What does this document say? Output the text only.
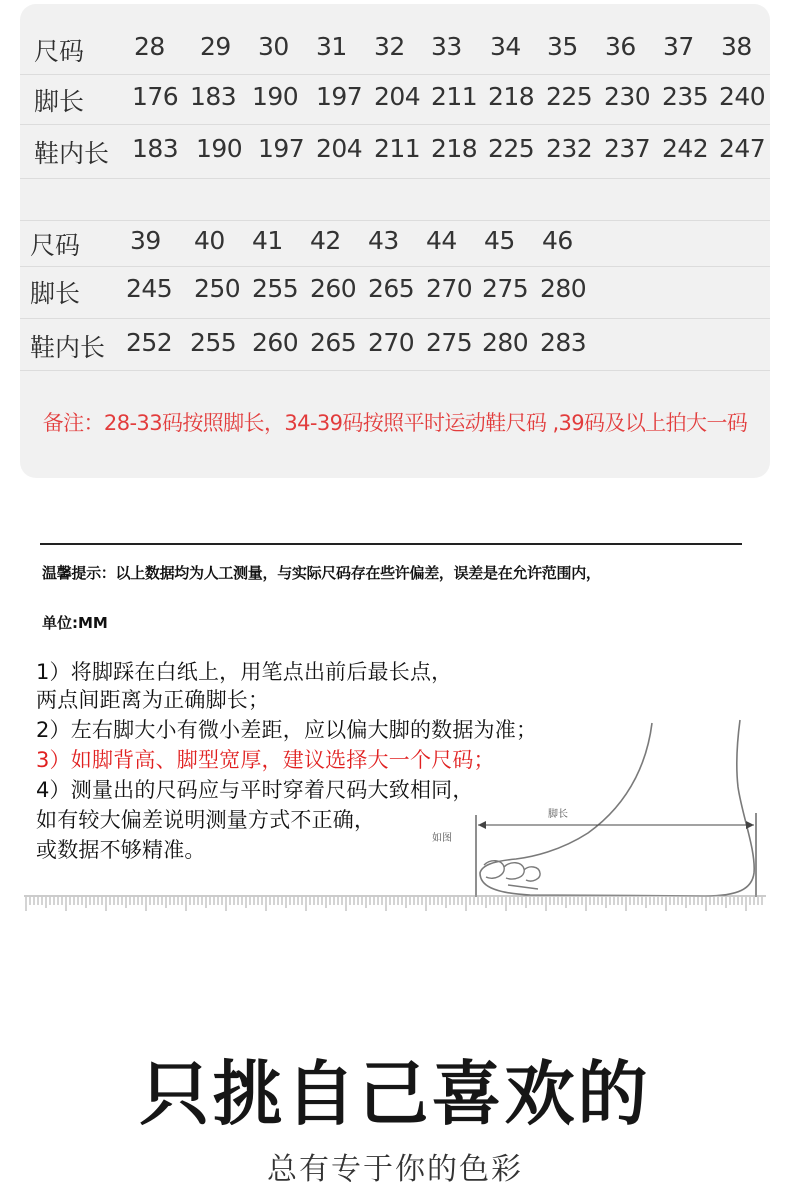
尺码 28 29 30 31 32 33 34 35 36 37 38
脚长 176 183 190 197 204 211 218 225 230 235 240
鞋内长 183 190 197 204 211 218 225 232 237 242 247
尺码 39 40 41 42 43 44 45 46
脚长 245 250 255 260 265 270 275 280
鞋内长 252 255 260 265 270 275 280 283
备注：28-33码按照脚长，34-39码按照平时运动鞋尺码 ,39码及以上拍大一码
温馨提示：以上数据均为人工测量，与实际尺码存在些许偏差，误差是在允许范围内，
单位:MM
1）将脚踩在白纸上，用笔点出前后最长点，
两点间距离为正确脚长；
2）左右脚大小有微小差距，应以偏大脚的数据为准；
3）如脚背高、脚型宽厚，建议选择大一个尺码；
4）测量出的尺码应与平时穿着尺码大致相同，
如有较大偏差说明测量方式不正确，
或数据不够精准。
脚长
如图
只挑自己喜欢的
总有专于你的色彩
